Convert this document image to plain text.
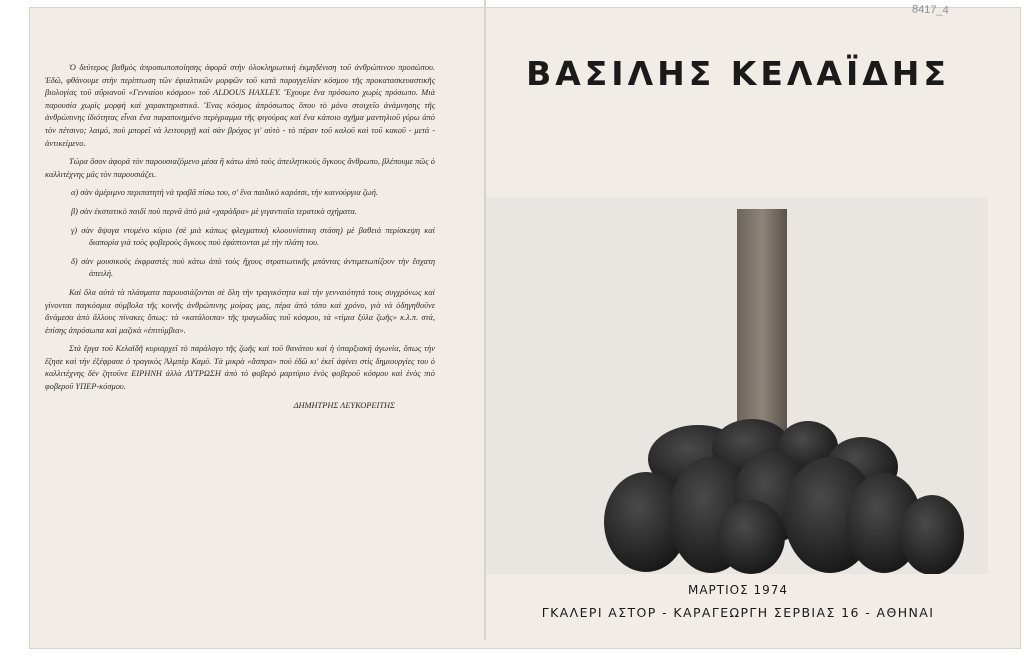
8417_4

Ὁ δεύτερος βαθμὸς ἀπροσωποποίησης ἀφορᾶ στὴν ὁλοκληρωτικὴ ἐκμηδένιση τοῦ ἀνθρώπινου προσώπου. Ἐδῶ, φθάνουμε στὴν περίπτωση τῶν ἐφιαλτικῶν μορφῶν τοῦ κατὰ παραγγελίαν κόσμου τῆς προκατασκευαστικῆς βιολογίας τοῦ αὔριανοῦ «Γενναίου κόσμου» τοῦ ALDOUS HAXLEY. Ἔχουμε ἕνα πρόσωπο χωρὶς πρόσωπο. Μιὰ παρουσία χωρὶς μορφὴ καὶ χαρακτηριστικά. Ἕνας κόσμος ἀπρόσωπος ὅπου τὸ μόνο στοιχεῖο ἀνάμνησης τῆς ἀνθρώπινης ἰδιότητας εἶναι ἕνα παραποιημένο περίγραμμα τῆς φιγούρας καὶ ἕνα κάποιο σχῆμα μαντηλιοῦ γύρω ἀπὸ τὸν πέτσινο; λαιμό, ποὺ μπορεῖ νὰ λειτουργῇ καὶ σὰν βρόχος γι' αὐτὸ - τὸ πέραν τοῦ καλοῦ καὶ τοῦ κακοῦ - μετά - ἀντικείμενο.

Τώρα ὅσον ἀφορᾶ τὸν παρουσιαζόμενο μέσα ἢ κάτω ἀπὸ τοὺς ἀπειλητικοὺς ὄγκους ἄνθρωπο, βλέπουμε πῶς ὁ καλλιτέχνης μᾶς τὸν παρουσιάζει.

α) σὰν ἀμέριμνο περιπατητὴ νὰ τραβᾶ πίσω του, σ' ἕνα παιδικὸ καρότσι, τὴν καινούργια ζωή.

β) σὰν ἐκστατικὸ παιδὶ ποὺ περνᾶ ἀπὸ μιὰ «χαράδρα» μὲ γιγαντιαῖα τερατικὰ σχήματα.

γ) σὰν ἄψογα ντυμένο κύριο (σὲ μιὰ κάπως φλεγματικὴ κλοουνίστικη στάση) μὲ βαθειὰ περίσκεψη καὶ διαπορία γιὰ τοὺς φοβεροὺς ὄγκους ποὺ ἐφάπτονται μὲ τὴν πλάτη του.

δ) σὰν μουσικοὺς ἐκφραστὲς ποὺ κάτω ἀπὸ τοὺς ἤχους στρατιωτικῆς μπάντας ἀντιμετωπίζουν τὴν ἔσχατη ἀπειλή.

Καὶ ὅλα αὐτὰ τὰ πλάσματα παρουσιάζονται σὲ ὅλη τὴν τραγικότητα καὶ τὴν γενναιότητά τους συγχρόνως καὶ γίνονται παγκόσμια σύμβολα τῆς κοινῆς ἀνθρώπινης μοίρας μας, πέρα ἀπὸ τόπο καὶ χρόνο, γιὰ νὰ ὁδηγηθοῦνε ἄνάμεσα ἀπὸ ἄλλους πίνακες ὅπως: τὰ «κατάλοιπα» τῆς τραγωδίας τοῦ κόσμου, τὰ «τίμια ξύλα ζωῆς» κ.λ.π. στά, ἐπίσης ἀπρόσωπα καὶ μαζικὰ «ἐπιτύμβια».

Στὰ ἔργα τοῦ Κελαϊδῆ κυριαρχεῖ τὸ παράλογο τῆς ζωῆς καὶ τοῦ θανάτου καὶ ἡ ὑπαρξιακὴ ἀγωνία, ὅπως τὴν ἔζησε καὶ τὴν ἐξέφρασε ὁ τραγικὸς Ἀλμπὲρ Καμύ. Τὰ μικρὰ «ἄσπρα» ποὺ ἐδῶ κι' ἐκεῖ ἀφίνει στὶς δημιουργίες του ὁ καλλιτέχνης δὲν ζητοῦνε ΕΙΡΗΝΗ ἀλλὰ ΛΥΤΡΩΣΗ ἀπὸ τὸ φοβερὸ μαρτύριο ἑνὸς φοβεροῦ κόσμου καὶ ἑνὸς πιὸ φοβεροῦ ΥΠΕΡ-κόσμου.

ΔΗΜΗΤΡΗΣ ΛΕΥΚΟΡΕΙΤΗΣ

ΒΑΣΙΛΗΣ ΚΕΛΑΪΔΗΣ
ΜΑΡΤΙΟΣ 1974
ΓΚΑΛΕΡΙ ΑΣΤΟΡ - ΚΑΡΑΓΕΩΡΓΗ ΣΕΡΒΙΑΣ 16 - ΑΘΗΝΑΙ
